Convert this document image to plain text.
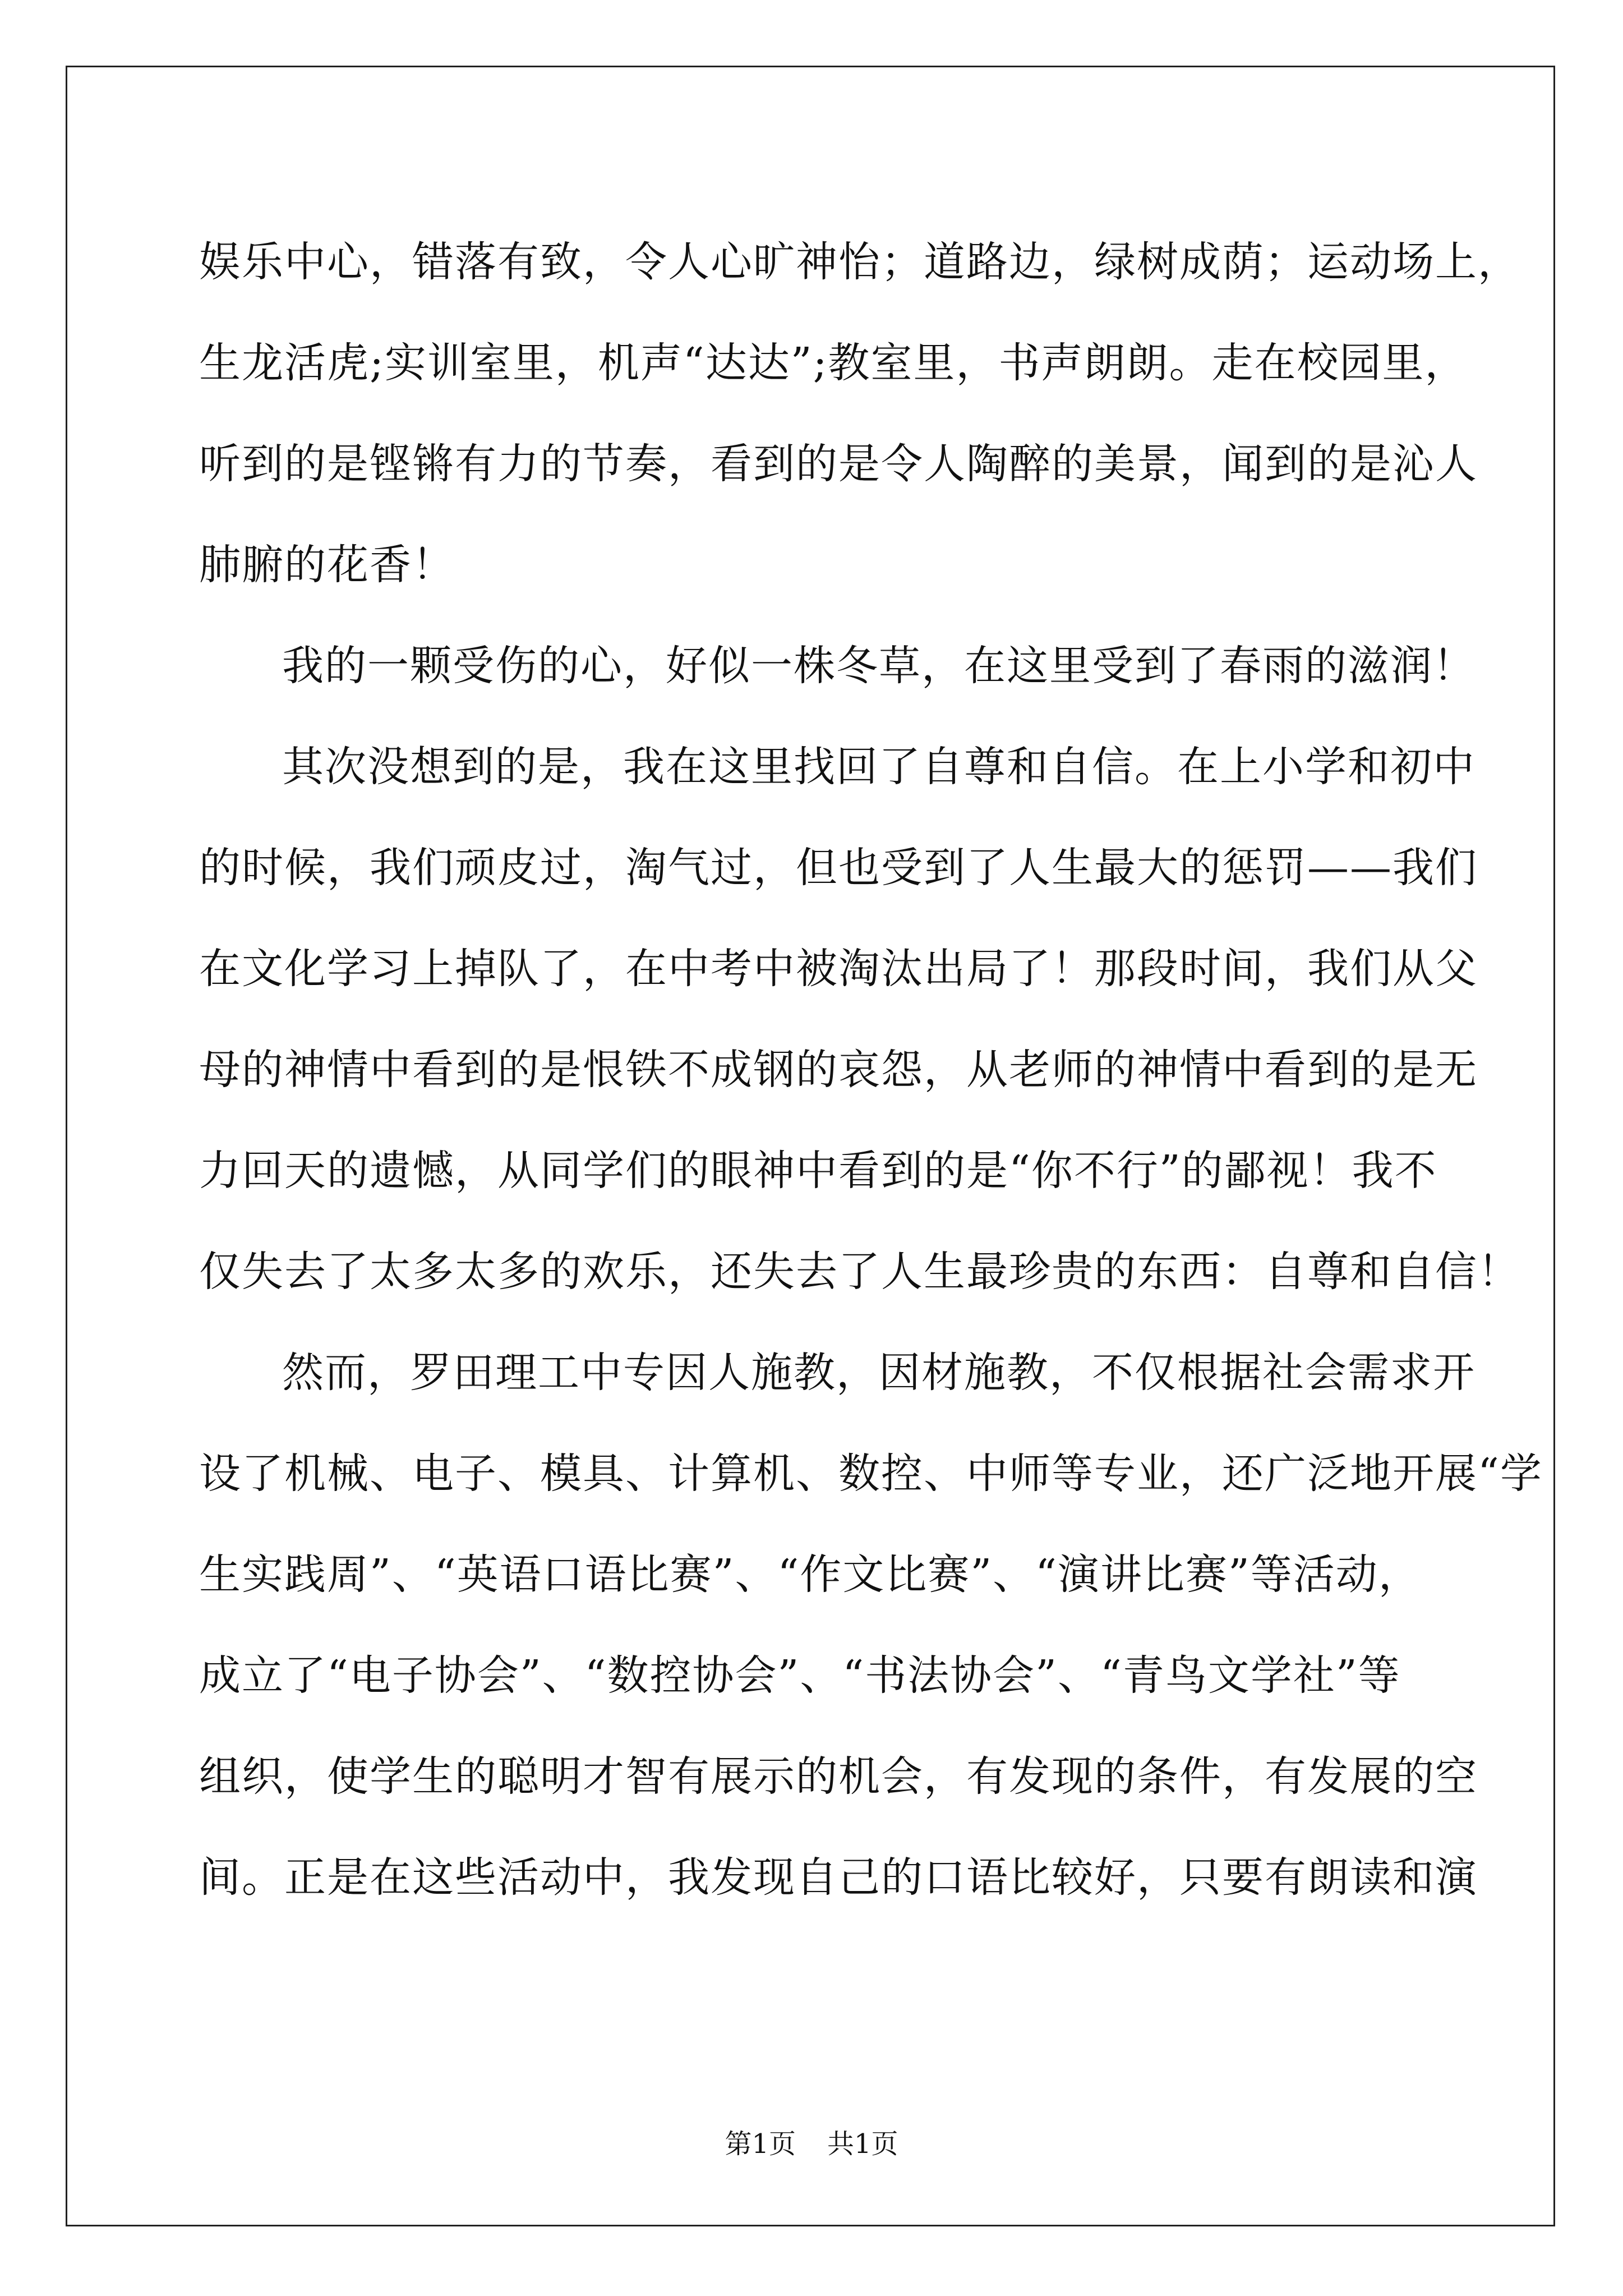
娱乐中心，错落有致，令人心旷神怡；道路边，绿树成荫；运动场上，
生龙活虎;实训室里，机声“达达”;教室里，书声朗朗。走在校园里，
听到的是铿锵有力的节奏，看到的是令人陶醉的美景，闻到的是沁人
肺腑的花香！
我的一颗受伤的心，好似一株冬草，在这里受到了春雨的滋润！
其次没想到的是，我在这里找回了自尊和自信。在上小学和初中
的时候，我们顽皮过，淘气过，但也受到了人生最大的惩罚——我们
在文化学习上掉队了，在中考中被淘汰出局了！那段时间，我们从父
母的神情中看到的是恨铁不成钢的哀怨，从老师的神情中看到的是无
力回天的遗憾，从同学们的眼神中看到的是“你不行”的鄙视！我不
仅失去了太多太多的欢乐，还失去了人生最珍贵的东西：自尊和自信！
然而，罗田理工中专因人施教，因材施教，不仅根据社会需求开
设了机械、电子、模具、计算机、数控、中师等专业，还广泛地开展“学
生实践周”、“英语口语比赛”、“作文比赛”、“演讲比赛”等活动，
成立了“电子协会”、“数控协会”、“书法协会”、“青鸟文学社”等
组织，使学生的聪明才智有展示的机会，有发现的条件，有发展的空
间。正是在这些活动中，我发现自己的口语比较好，只要有朗读和演
第1页 共1页
